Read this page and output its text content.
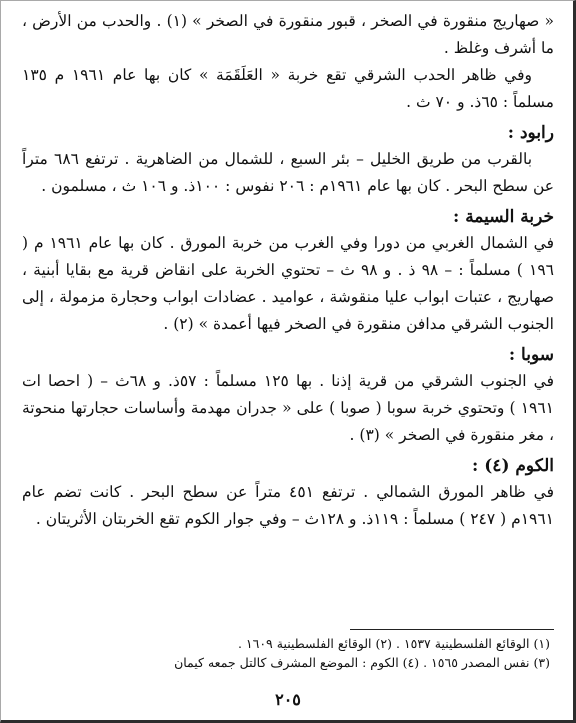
« صهاريج منقورة في الصخر ، قبور منقورة في الصخر » (١) . والحدب من الأرض ، ما أشرف وغلظ .

وفي ظاهر الحدب الشرقي تقع خربة « العَلَقَمَة » كان بها عام ١٩٦١ م ١٣٥ مسلماً : ٦٥ذ. و ٧٠ ث .

رابود :

بالقرب من طريق الخليل – بئر السبع ، للشمال من الضاهرية . ترتفع ٦٨٦ متراً عن سطح البحر . كان بها عام ١٩٦١م : ٢٠٦ نفوس : ١٠٠ذ. و ١٠٦ ث ، مسلمون .

خربة السيمة :

في الشمال الغربي من دورا وفي الغرب من خربة المورق . كان بها عام ١٩٦١ م ( ١٩٦ ) مسلماً : – ٩٨ ذ . و ٩٨ ث – تحتوي الخربة على انقاض قرية مع بقايا أبنية ، صهاريج ، عتبات ابواب عليا منقوشة ، عواميد . عضادات ابواب وحجارة مزمولة ، إلى الجنوب الشرقي مدافن منقورة في الصخر فيها أعمدة » (٢) .

سوبا :

في الجنوب الشرقي من قرية إذنا . بها ١٢٥ مسلماً : ٥٧ذ. و ٦٨ث – ( احصا ات ١٩٦١ ) وتحتوي خربة سوبا ( صوبا ) على « جدران مهدمة وأساسات حجارتها منحوتة ، مغر منقورة في الصخر » (٣) .

الكوم (٤) :

في ظاهر المورق الشمالي . ترتفع ٤٥١ متراً عن سطح البحر . كانت تضم عام ١٩٦١م ( ٢٤٧ ) مسلماً : ١١٩ذ. و ١٢٨ث – وفي جوار الكوم تقع الخربتان الأثريتان .

(١) الوقائع الفلسطينية ١٥٣٧ . (٢) الوقائع الفلسطينية ١٦٠٩ .

(٣) نفس المصدر ١٥٦٥ . (٤) الكوم : الموضع المشرف كالتل جمعه كيمان

٢٠٥
